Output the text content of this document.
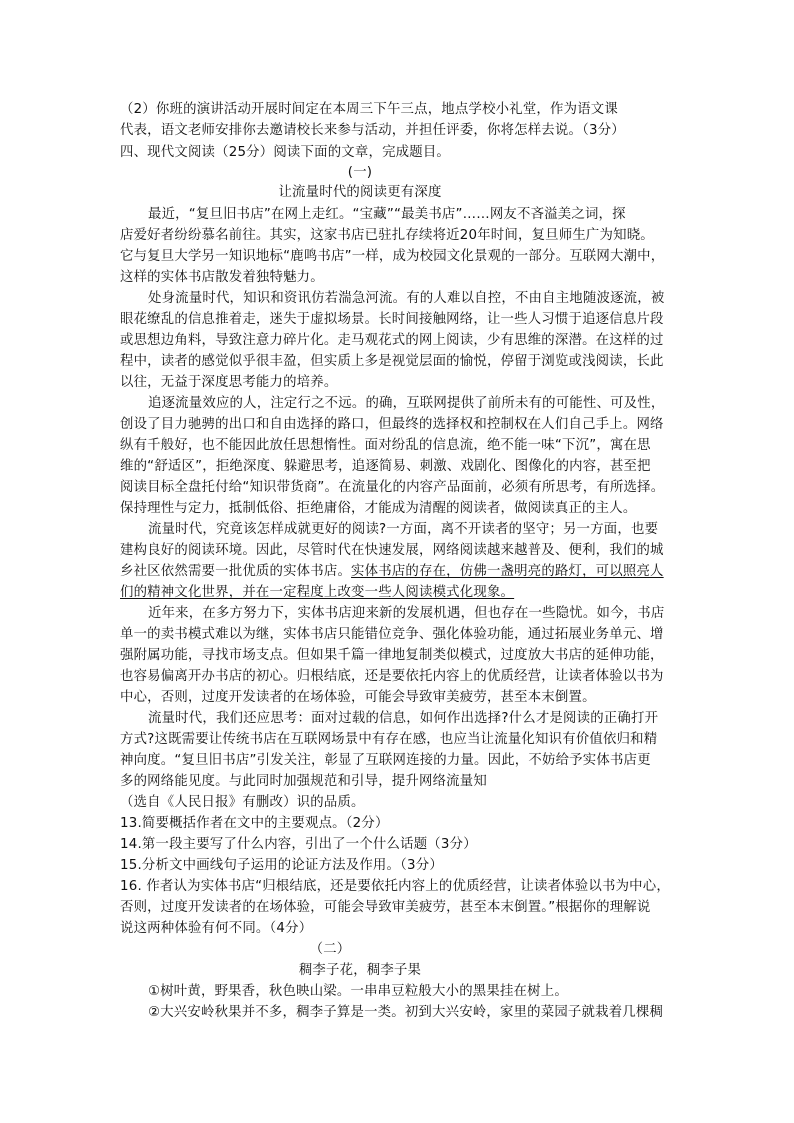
（2）你班的演讲活动开展时间定在本周三下午三点，地点学校小礼堂，作为语文课
代表，语文老师安排你去邀请校长来参与活动，并担任评委，你将怎样去说。（3分）
四、现代文阅读（25分）阅读下面的文章，完成题目。
(一)
让流量时代的阅读更有深度
最近，“复旦旧书店”在网上走红。“宝藏”“最美书店”……网友不吝溢美之词，探
店爱好者纷纷慕名前往。其实，这家书店已驻扎存续将近20年时间，复旦师生广为知晓。
它与复旦大学另一知识地标“鹿鸣书店”一样，成为校园文化景观的一部分。互联网大潮中，
这样的实体书店散发着独特魅力。
处身流量时代，知识和资讯仿若湍急河流。有的人难以自控，不由自主地随波逐流，被
眼花缭乱的信息推着走，迷失于虚拟场景。长时间接触网络，让一些人习惯于追逐信息片段
或思想边角料，导致注意力碎片化。走马观花式的网上阅读，少有思维的深潜。在这样的过
程中，读者的感觉似乎很丰盈，但实质上多是视觉层面的愉悦，停留于浏览或浅阅读，长此
以往，无益于深度思考能力的培养。
追逐流量效应的人，注定行之不远。的确，互联网提供了前所未有的可能性、可及性，
创设了目力驰骋的出口和自由选择的路口，但最终的选择权和控制权在人们自己手上。网络
纵有千般好，也不能因此放任思想惰性。面对纷乱的信息流，绝不能一味“下沉”，寓在思
维的“舒适区”，拒绝深度、躲避思考，追逐简易、刺激、戏剧化、图像化的内容，甚至把
阅读目标全盘托付给“知识带货商”。在流量化的内容产品面前，必须有所思考，有所选择。
保持理性与定力，抵制低俗、拒绝庸俗，才能成为清醒的阅读者，做阅读真正的主人。
流量时代，究竟该怎样成就更好的阅读?一方面，离不开读者的坚守；另一方面，也要
建构良好的阅读环境。因此，尽管时代在快速发展，网络阅读越来越普及、便利，我们的城
乡社区依然需要一批优质的实体书店。实体书店的存在，仿佛一盏明亮的路灯，可以照亮人
们的精神文化世界，并在一定程度上改变一些人阅读模式化现象。
近年来，在多方努力下，实体书店迎来新的发展机遇，但也存在一些隐忧。如今，书店
单一的卖书模式难以为继，实体书店只能错位竞争、强化体验功能，通过拓展业务单元、增
强附属功能，寻找市场支点。但如果千篇一律地复制类似模式，过度放大书店的延伸功能，
也容易偏离开办书店的初心。归根结底，还是要依托内容上的优质经营，让读者体验以书为
中心，否则，过度开发读者的在场体验，可能会导致审美疲劳，甚至本末倒置。
流量时代，我们还应思考：面对过载的信息，如何作出选择?什么才是阅读的正确打开
方式?这既需要让传统书店在互联网场景中有存在感，也应当让流量化知识有价值依归和精
神向度。“复旦旧书店”引发关注，彰显了互联网连接的力量。因此，不妨给予实体书店更
多的网络能见度。与此同时加强规范和引导，提升网络流量知
（选自《人民日报》有删改）识的品质。
13.简要概括作者在文中的主要观点。（2分）
14.第一段主要写了什么内容，引出了一个什么话题（3分）
15.分析文中画线句子运用的论证方法及作用。（3分）
16. 作者认为实体书店“归根结底，还是要依托内容上的优质经营，让读者体验以书为中心，
否则，过度开发读者的在场体验，可能会导致审美疲劳，甚至本末倒置。”根据你的理解说
说这两种体验有何不同。（4分）
（二）
稠李子花，稠李子果
①树叶黄，野果香，秋色映山梁。一串串豆粒般大小的黑果挂在树上。
②大兴安岭秋果并不多，稠李子算是一类。初到大兴安岭，家里的菜园子就栽着几棵稠
